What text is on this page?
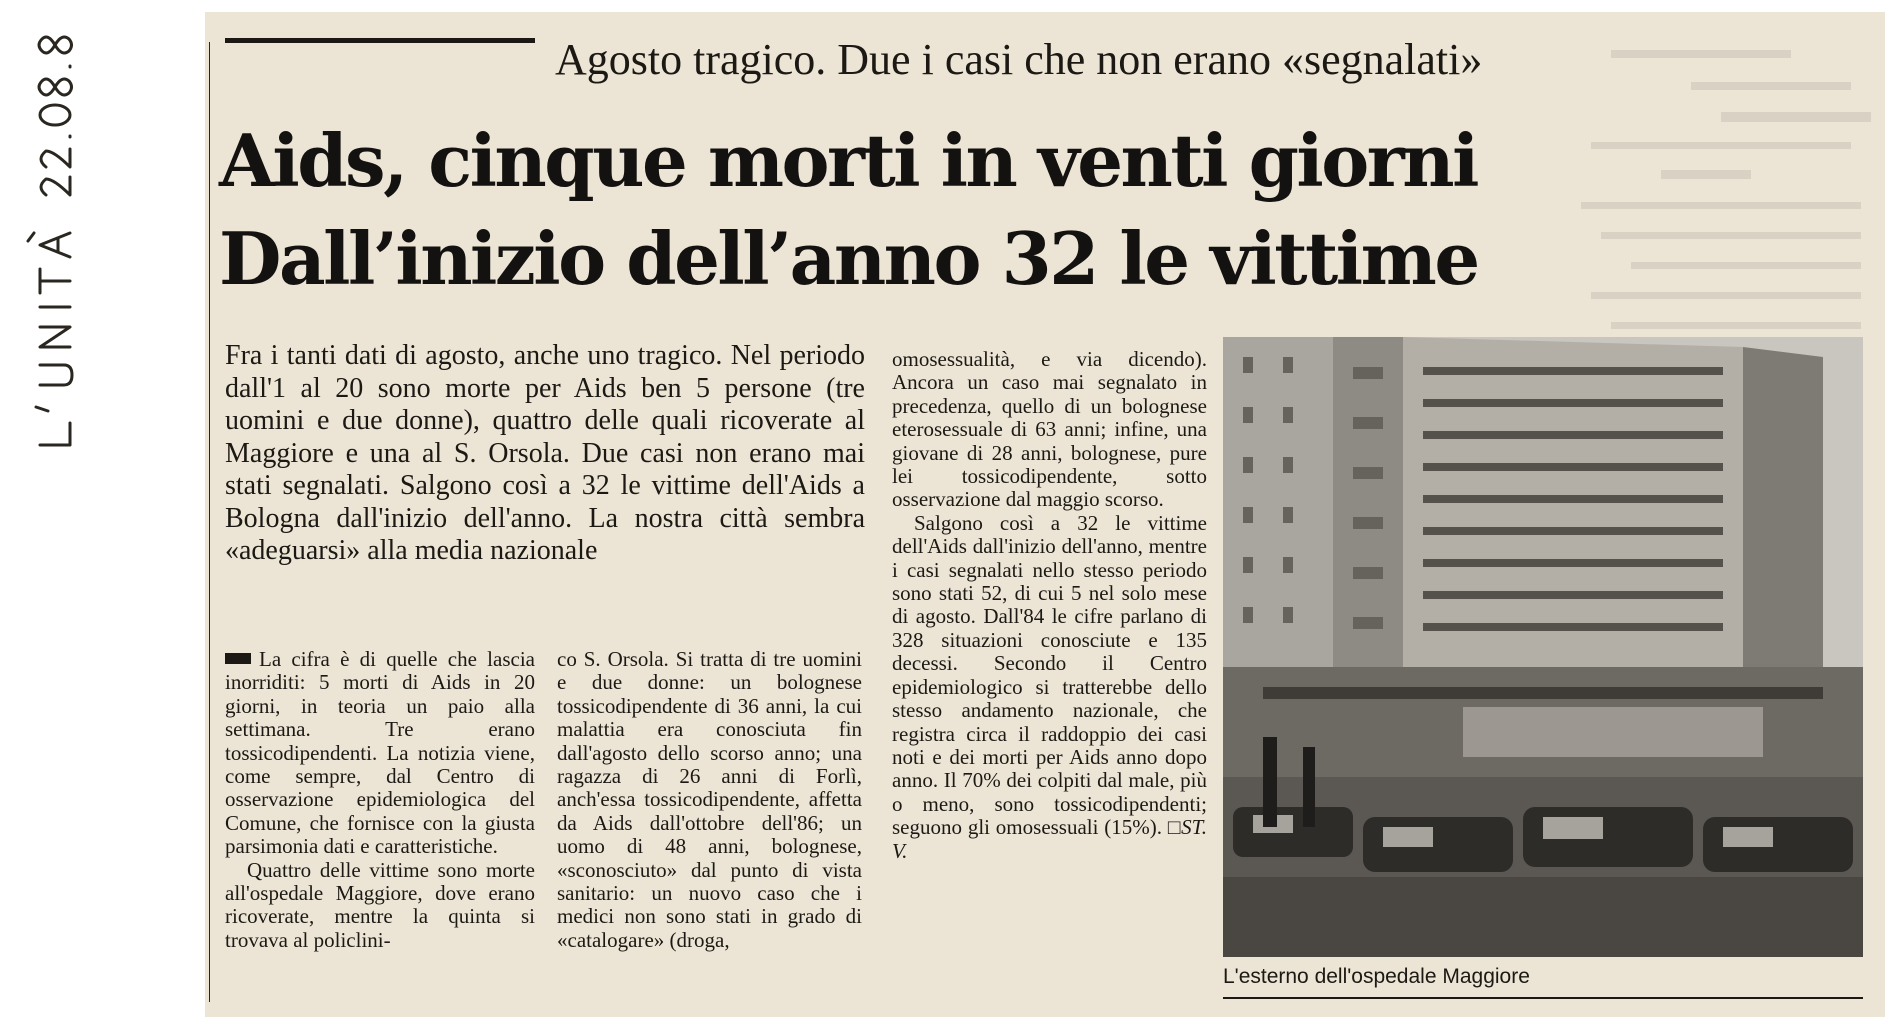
Agosto tragico. Due i casi che non erano «segnalati»
Aids, cinque morti in venti giorni
Dall’inizio dell’anno 32 le vittime
Fra i tanti dati di agosto, anche uno tragico. Nel periodo dall'1 al 20 sono morte per Aids ben 5 persone (tre uomini e due donne), quattro delle quali ricoverate al Maggiore e una al S. Orsola. Due casi non erano mai stati segnalati. Salgono così a 32 le vittime dell'Aids a Bologna dall'inizio dell'anno. La nostra città sembra «adeguarsi» alla media nazionale

La cifra è di quelle che lascia inorriditi: 5 morti di Aids in 20 giorni, in teoria un paio alla settimana. Tre erano tossicodipendenti. La notizia viene, come sempre, dal Centro di osservazione epidemiologica del Comune, che fornisce con la giusta parsimonia dati e caratteristiche.

Quattro delle vittime sono morte all'ospedale Maggiore, dove erano ricoverate, mentre la quinta si trovava al policlini-

co S. Orsola. Si tratta di tre uomini e due donne: un bolognese tossicodipendente di 36 anni, la cui malattia era conosciuta fin dall'agosto dello scorso anno; una ragazza di 26 anni di Forlì, anch'essa tossicodipendente, affetta da Aids dall'ottobre dell'86; un uomo di 48 anni, bolognese, «sconosciuto» dal punto di vista sanitario: un nuovo caso che i medici non sono stati in grado di «catalogare» (droga,

omosessualità, e via dicendo). Ancora un caso mai segnalato in precedenza, quello di un bolognese eterosessuale di 63 anni; infine, una giovane di 28 anni, bolognese, pure lei tossicodipendente, sotto osservazione dal maggio scorso.

Salgono così a 32 le vittime dell'Aids dall'inizio dell'anno, mentre i casi segnalati nello stesso periodo sono stati 52, di cui 5 nel solo mese di agosto. Dall'84 le cifre parlano di 328 situazioni conosciute e 135 decessi. Secondo il Centro epidemiologico si tratterebbe dello stesso andamento nazionale, che registra circa il raddoppio dei casi noti e dei morti per Aids anno dopo anno. Il 70% dei colpiti dal male, più o meno, sono tossicodipendenti; seguono gli omosessuali (15%). □ST. V.

L'esterno dell'ospedale Maggiore
